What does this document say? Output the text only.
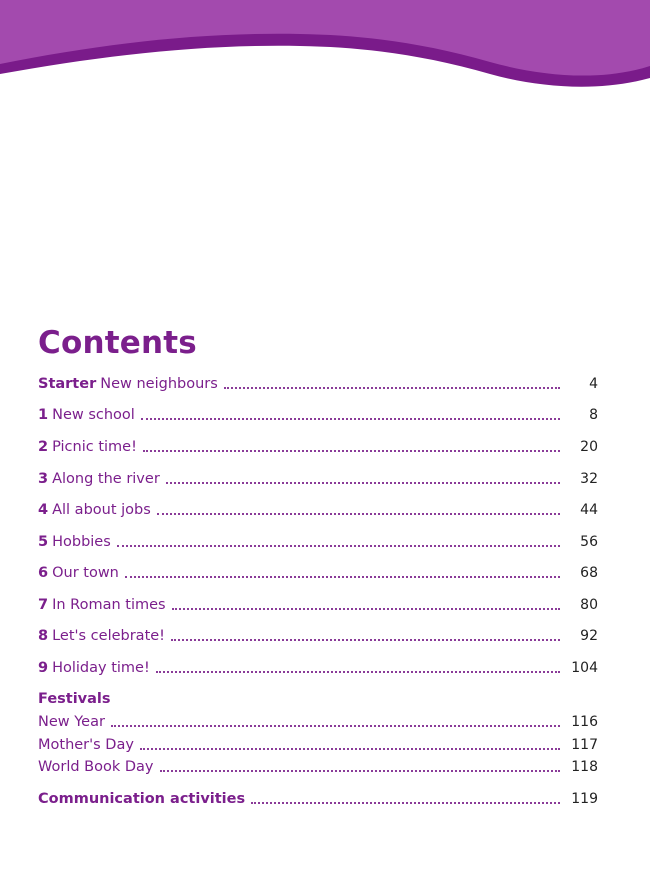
Contents
Starter New neighbours	4
1 New school	8
2 Picnic time!	20
3 Along the river	32
4 All about jobs	44
5 Hobbies	56
6 Our town	68
7 In Roman times	80
8 Let's celebrate!	92
9 Holiday time!	104
Festivals
New Year	116
Mother's Day	117
World Book Day	118
Communication activities	119
